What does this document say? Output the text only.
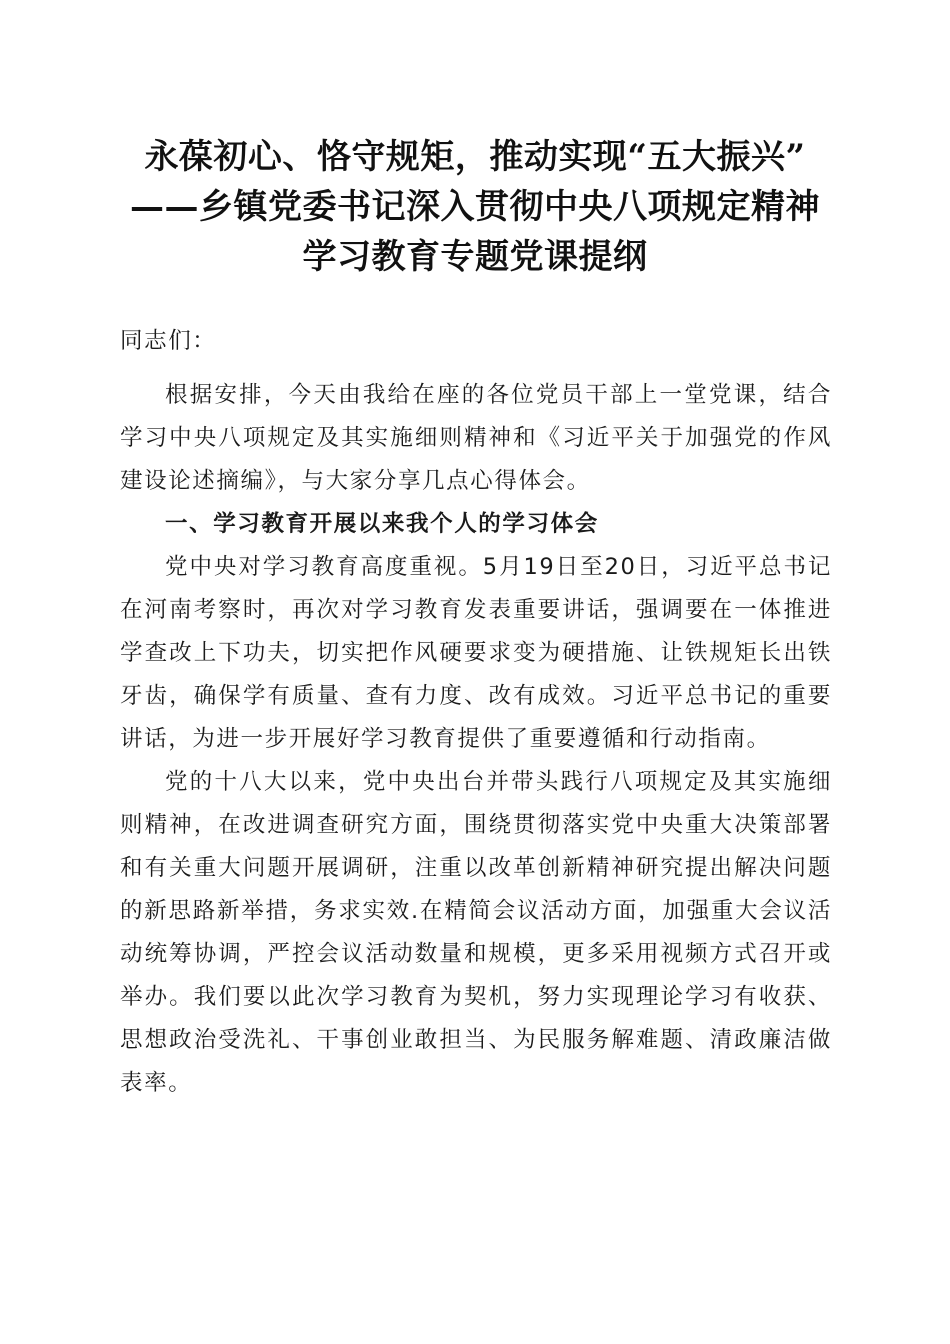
永葆初心、恪守规矩，推动实现“五大振兴”
——乡镇党委书记深入贯彻中央八项规定精神
学习教育专题党课提纲

同志们：

根据安排，今天由我给在座的各位党员干部上一堂党课，结合学习中央八项规定及其实施细则精神和《习近平关于加强党的作风建设论述摘编》，与大家分享几点心得体会。

一、学习教育开展以来我个人的学习体会

党中央对学习教育高度重视。5月19日至20日，习近平总书记在河南考察时，再次对学习教育发表重要讲话，强调要在一体推进学查改上下功夫，切实把作风硬要求变为硬措施、让铁规矩长出铁牙齿，确保学有质量、查有力度、改有成效。习近平总书记的重要讲话，为进一步开展好学习教育提供了重要遵循和行动指南。

党的十八大以来，党中央出台并带头践行八项规定及其实施细则精神，在改进调查研究方面，围绕贯彻落实党中央重大决策部署和有关重大问题开展调研，注重以改革创新精神研究提出解决问题的新思路新举措，务求实效.在精简会议活动方面，加强重大会议活动统筹协调，严控会议活动数量和规模，更多采用视频方式召开或举办。我们要以此次学习教育为契机，努力实现理论学习有收获、思想政治受洗礼、干事创业敢担当、为民服务解难题、清政廉洁做表率。
